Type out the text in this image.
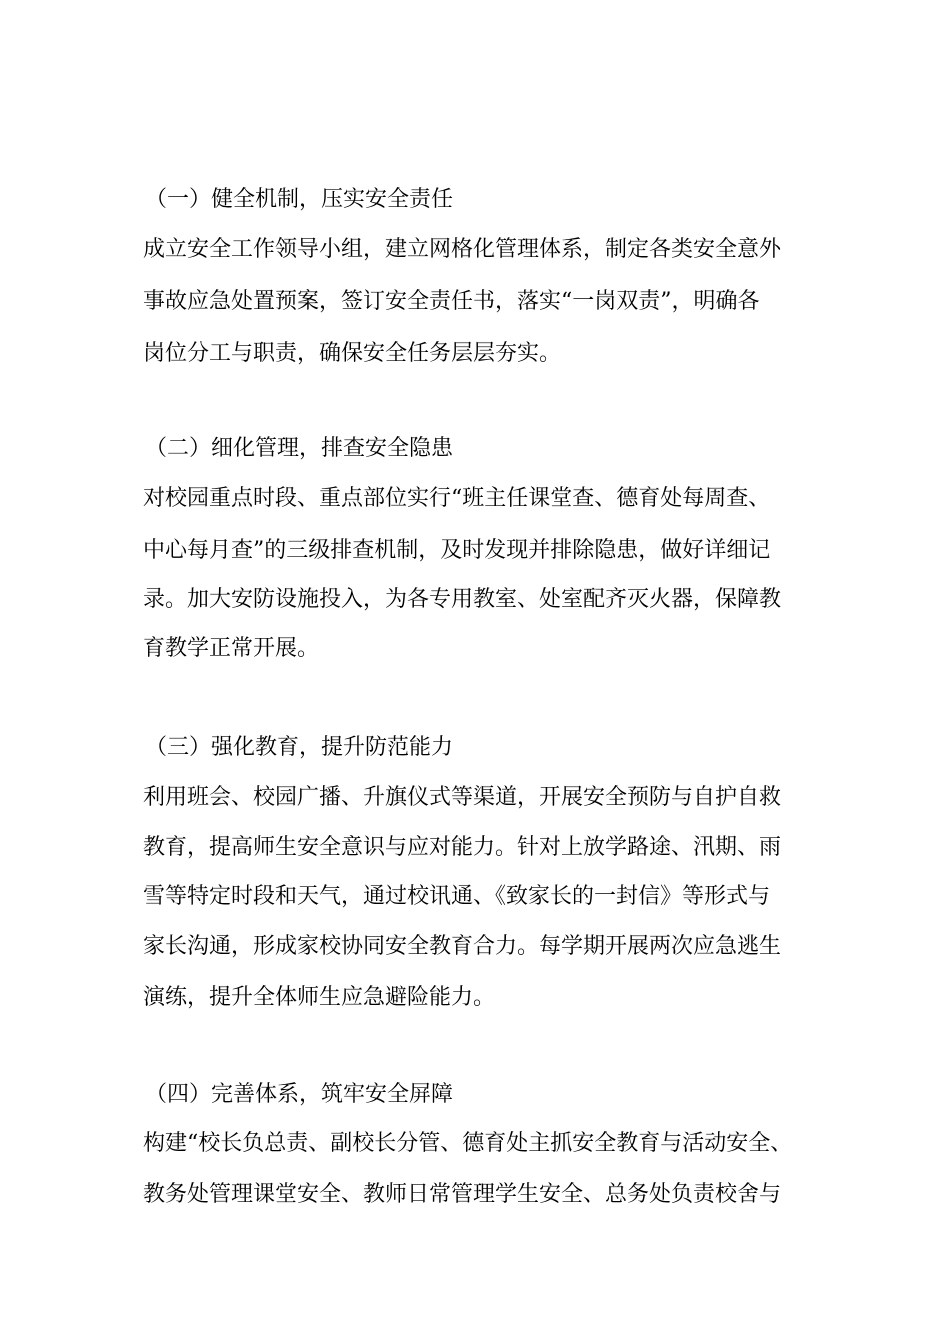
（一）健全机制，压实安全责任

成立安全工作领导小组，建立网格化管理体系，制定各类安全意外

事故应急处置预案，签订安全责任书，落实“一岗双责”，明确各

岗位分工与职责，确保安全任务层层夯实。

（二）细化管理，排查安全隐患

对校园重点时段、重点部位实行“班主任课堂查、德育处每周查、

中心每月查”的三级排查机制，及时发现并排除隐患，做好详细记

录。加大安防设施投入，为各专用教室、处室配齐灭火器，保障教

育教学正常开展。

（三）强化教育，提升防范能力

利用班会、校园广播、升旗仪式等渠道，开展安全预防与自护自救

教育，提高师生安全意识与应对能力。针对上放学路途、汛期、雨

雪等特定时段和天气，通过校讯通、《致家长的一封信》等形式与

家长沟通，形成家校协同安全教育合力。每学期开展两次应急逃生

演练，提升全体师生应急避险能力。

（四）完善体系，筑牢安全屏障

构建“校长负总责、副校长分管、德育处主抓安全教育与活动安全、

教务处管理课堂安全、教师日常管理学生安全、总务处负责校舍与
